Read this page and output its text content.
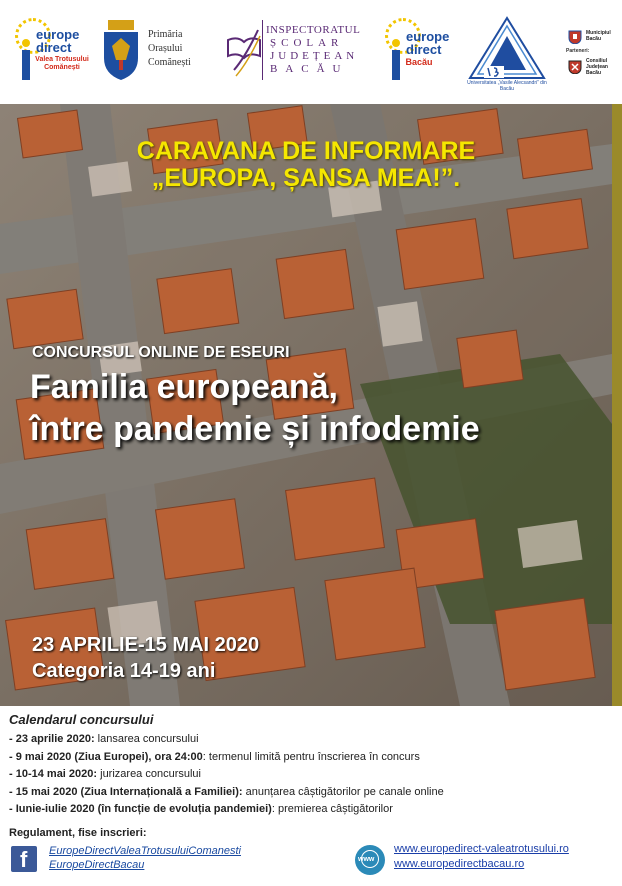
europe direct
Valea Trotusului Comănești
Primăria
Orașului
Comănești
INSPECTORATUL
ȘCOLAR
JUDEȚEAN
BACĂU
europe direct
Bacău
Universitatea „Vasile Alecsandri” din Bacău
Parteneri:
Municipiul Bacău
Consiliul Județean Bacău
CARAVANA DE INFORMARE
„EUROPA, ȘANSA MEA!”.
CONCURSUL ONLINE DE ESEURI
Familia europeană,
între pandemie și infodemie
23 APRILIE-15 MAI 2020
Categoria 14-19 ani
Calendarul concursului
- 23 aprilie 2020: lansarea concursului
- 9 mai 2020 (Ziua Europei), ora 24:00: termenul limită pentru înscrierea în concurs
- 10-14 mai 2020: jurizarea concursului
- 15 mai 2020 (Ziua Internațională a Familiei): anunțarea câștigătorilor pe canale online
- Iunie-iulie 2020 (în funcție de evoluția pandemiei): premierea câștigătorilor
Regulament, fise inscrieri:
f EuropeDirectValeaTrotusuluiComanesti
EuropeDirectBacau	www
www.europedirect-valeatrotusului.ro
www.europedirectbacau.ro
